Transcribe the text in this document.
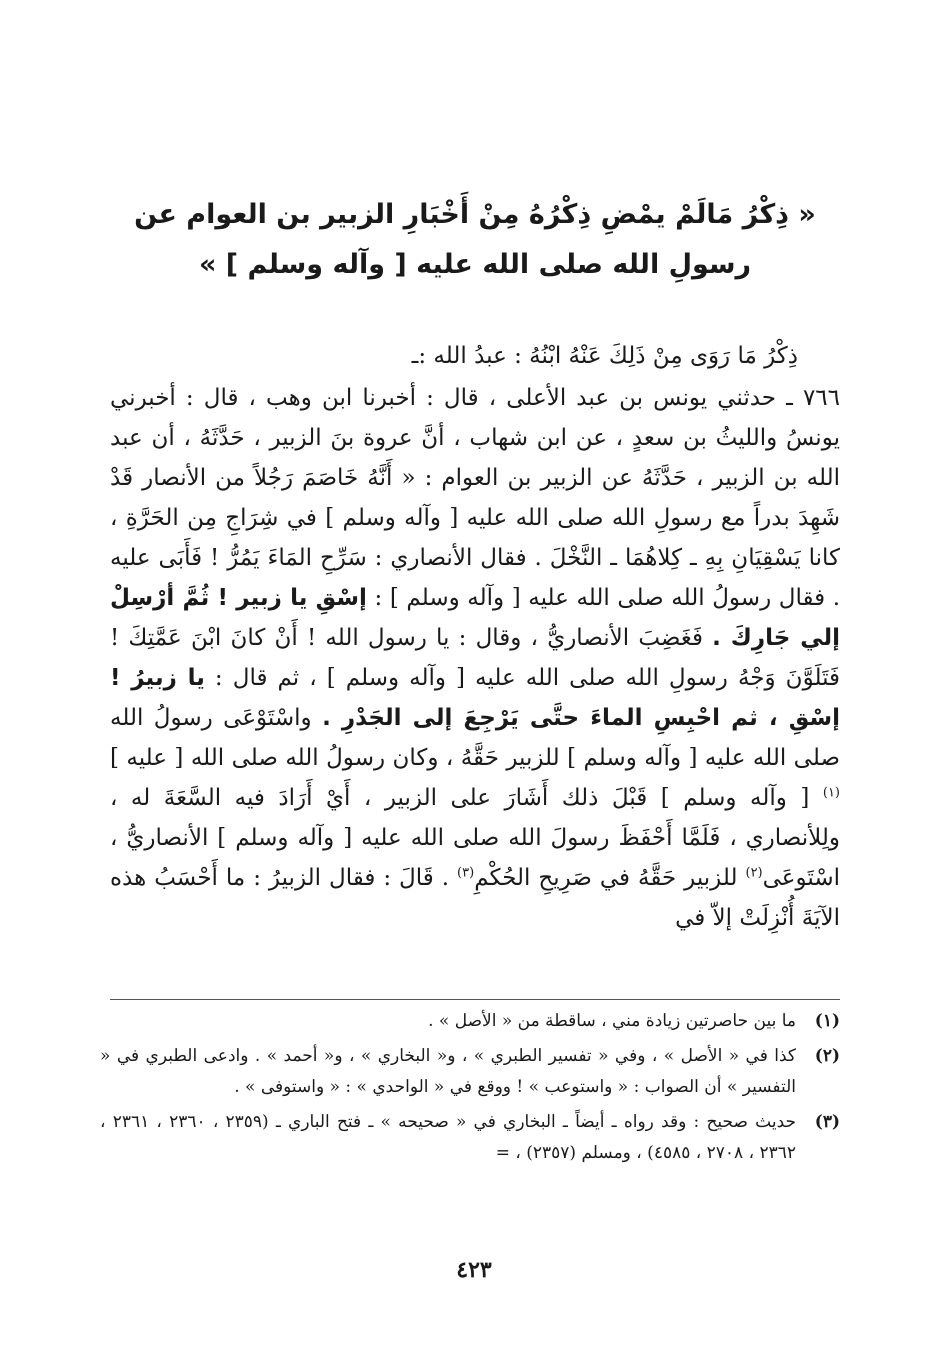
« ذِكْرُ مَالَمْ يمْضِ ذِكْرُهُ مِنْ أَخْبَارِ الزبير بن العوام عن رسولِ الله صلى الله عليه [ وآله وسلم ] »
ذِكْرُ مَا رَوَى مِنْ ذَلِكَ عَنْهُ ابْنُهُ : عبدُ الله :ـ
٧٦٦ ـ حدثني يونس بن عبد الأعلى ، قال : أخبرنا ابن وهب ، قال : أخبرني يونسُ والليثُ بن سعدٍ ، عن ابن شهاب ، أنَّ عروة بنَ الزبير ، حَدَّثَهُ ، أن عبد الله بن الزبير ، حَدَّثَهُ عن الزبير بن العوام : « أَنَّهُ خَاصَمَ رَجُلاً من الأنصار قَدْ شَهِدَ بدراً مع رسولِ الله صلى الله عليه [ وآله وسلم ] في شِرَاجِ مِن الحَرَّةِ ، كانا يَسْقِيَانِ بِهِ ـ كِلاهُمَا ـ النَّخْلَ . فقال الأنصاري : سَرِّحِ المَاءَ يَمُرُّ ! فَأَبَى عليه . فقال رسولُ الله صلى الله عليه [ وآله وسلم ] : إسْقِ يا زبير ! ثُمَّ أرْسِلْ إلي جَارِكَ . فَغَضِبَ الأنصاريُّ ، وقال : يا رسول الله ! أَنْ كانَ ابْنَ عَمَّتِكَ ! فَتَلَوَّنَ وَجْهُ رسولِ الله صلى الله عليه [ وآله وسلم ] ، ثم قال : يا زبيرُ ! إسْقِ ، ثم احْبِسِ الماءَ حتَّى يَرْجِعَ إلى الجَدْرِ . واسْتَوْعَى رسولُ الله صلى الله عليه [ وآله وسلم ] للزبير حَقَّهُ ، وكان رسولُ الله صلى الله [ عليه ]$^{(١)}$ [ وآله وسلم ] قَبْلَ ذلك أَشَارَ على الزبير ، أَيْ أَرَادَ فيه السَّعَةَ له ، ولِلأنصاري ، فَلَمَّا أَحْفَظَ رسولَ الله صلى الله عليه [ وآله وسلم ] الأنصاريُّ ، اسْتَوعَى$^{(٢)}$ للزبير حَقَّهُ في صَرِيحِ الحُكْمِ$^{(٣)}$ . قَالَ : فقال الزبيرُ : ما أَحْسَبُ هذه الآيَةَ أُنْزِلَتْ إلاّ في
(١)
ما بين حاصرتين زيادة مني ، ساقطة من « الأصل » .
(٢)
كذا في « الأصل » ، وفي « تفسير الطبري » ، و« البخاري » ، و« أحمد » . وادعى الطبري في « التفسير » أن الصواب : « واستوعب » ! ووقع في « الواحدي » : « واستوفى » .
(٣)
حديث صحيح : وقد رواه ـ أيضاً ـ البخاري في « صحيحه » ـ فتح الباري ـ (٢٣٥٩ ، ٢٣٦٠ ، ٢٣٦١ ، ٢٣٦٢ ، ٢٧٠٨ ، ٤٥٨٥) ، ومسلم (٢٣٥٧) ، =
٤٢٣
